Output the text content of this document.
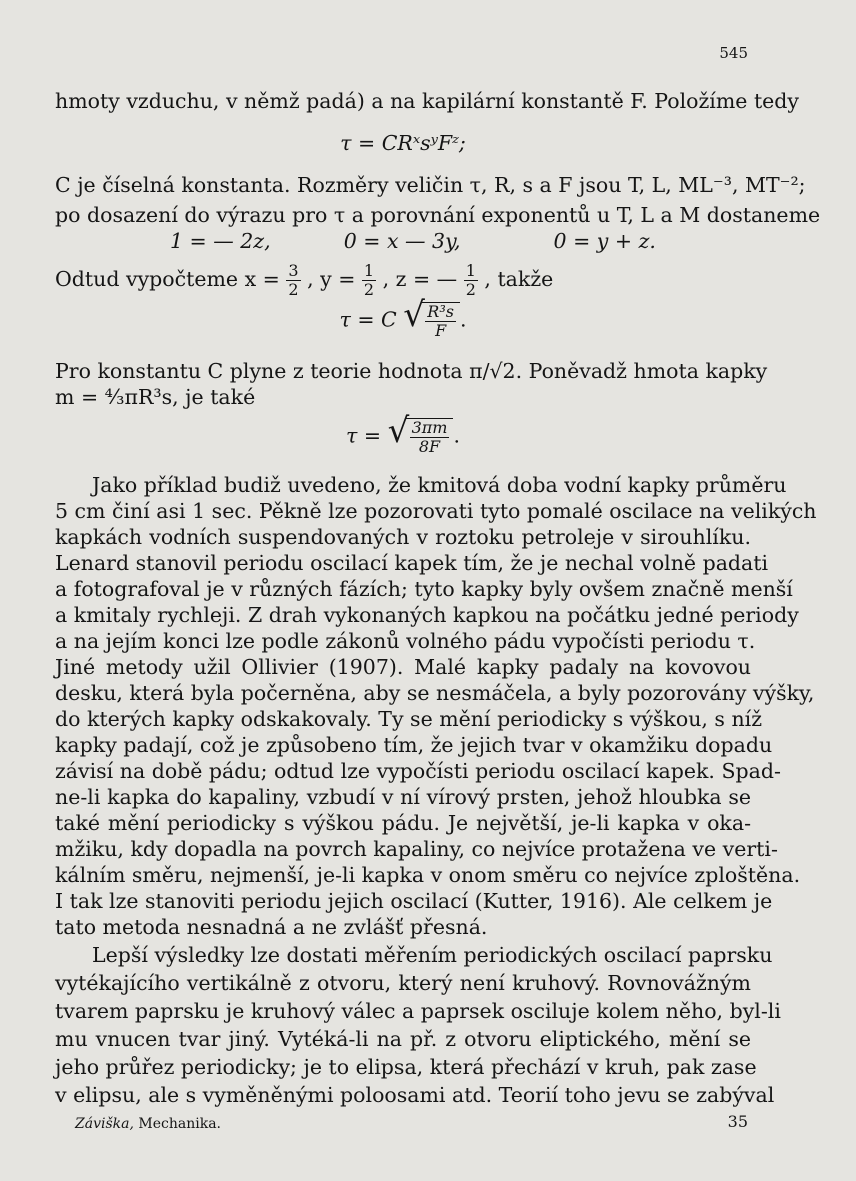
545
hmoty vzduchu, v němž padá) a na kapilární konstantě F. Položíme tedy
τ = CRˣsʸFᶻ;
C je číselná konstanta. Rozměry veličin τ, R, s a F jsou T, L, ML⁻³, MT⁻²;
po dosazení do výrazu pro τ a porovnání exponentů u T, L a M dostaneme
1 = — 2z,	0 = x — 3y,	0 = y + z.
Odtud vypočteme $x = \frac{3}{2}$ , $y = \frac{1}{2}$ , z = — $\frac{1}{2}$ , takže
τ = C √ $\frac{\text{R³s}}{F}$ .
Pro konstantu C plyne z teorie hodnota π/√2. Poněvadž hmota kapky
m = ⁴⁄₃πR³s, je také
τ = √ $\frac{3\pi m}{8F}$ .
Jako příklad budiž uvedeno, že kmitová doba vodní kapky průměru
5 cm činí asi 1 sec. Pěkně lze pozorovati tyto pomalé oscilace na velikých
kapkách vodních suspendovaných v roztoku petroleje v sirouhlíku.
Lenard stanovil periodu oscilací kapek tím, že je nechal volně padati
a fotografoval je v různých fázích; tyto kapky byly ovšem značně menší
a kmitaly rychleji. Z drah vykonaných kapkou na počátku jedné periody
a na jejím konci lze podle zákonů volného pádu vypočísti periodu τ.
Jiné metody užil Ollivier (1907). Malé kapky padaly na kovovou
desku, která byla počerněna, aby se nesmáčela, a byly pozorovány výšky,
do kterých kapky odskakovaly. Ty se mění periodicky s výškou, s níž
kapky padají, což je způsobeno tím, že jejich tvar v okamžiku dopadu
závisí na době pádu; odtud lze vypočísti periodu oscilací kapek. Spad-
ne-li kapka do kapaliny, vzbudí v ní vírový prsten, jehož hloubka se
také mění periodicky s výškou pádu. Je největší, je-li kapka v oka-
mžiku, kdy dopadla na povrch kapaliny, co nejvíce protažena ve verti-
kálním směru, nejmenší, je-li kapka v onom směru co nejvíce zploštěna.
I tak lze stanoviti periodu jejich oscilací (Kutter, 1916). Ale celkem je
tato metoda nesnadná a ne zvlášť přesná.
Lepší výsledky lze dostati měřením periodických oscilací paprsku
vytékajícího vertikálně z otvoru, který není kruhový. Rovnovážným
tvarem paprsku je kruhový válec a paprsek osciluje kolem něho, byl-li
mu vnucen tvar jiný. Vytéká-li na př. z otvoru eliptického, mění se
jeho průřez periodicky; je to elipsa, která přechází v kruh, pak zase
v elipsu, ale s vyměněnými poloosami atd. Teorií toho jevu se zabýval
Záviška, Mechanika.	35
